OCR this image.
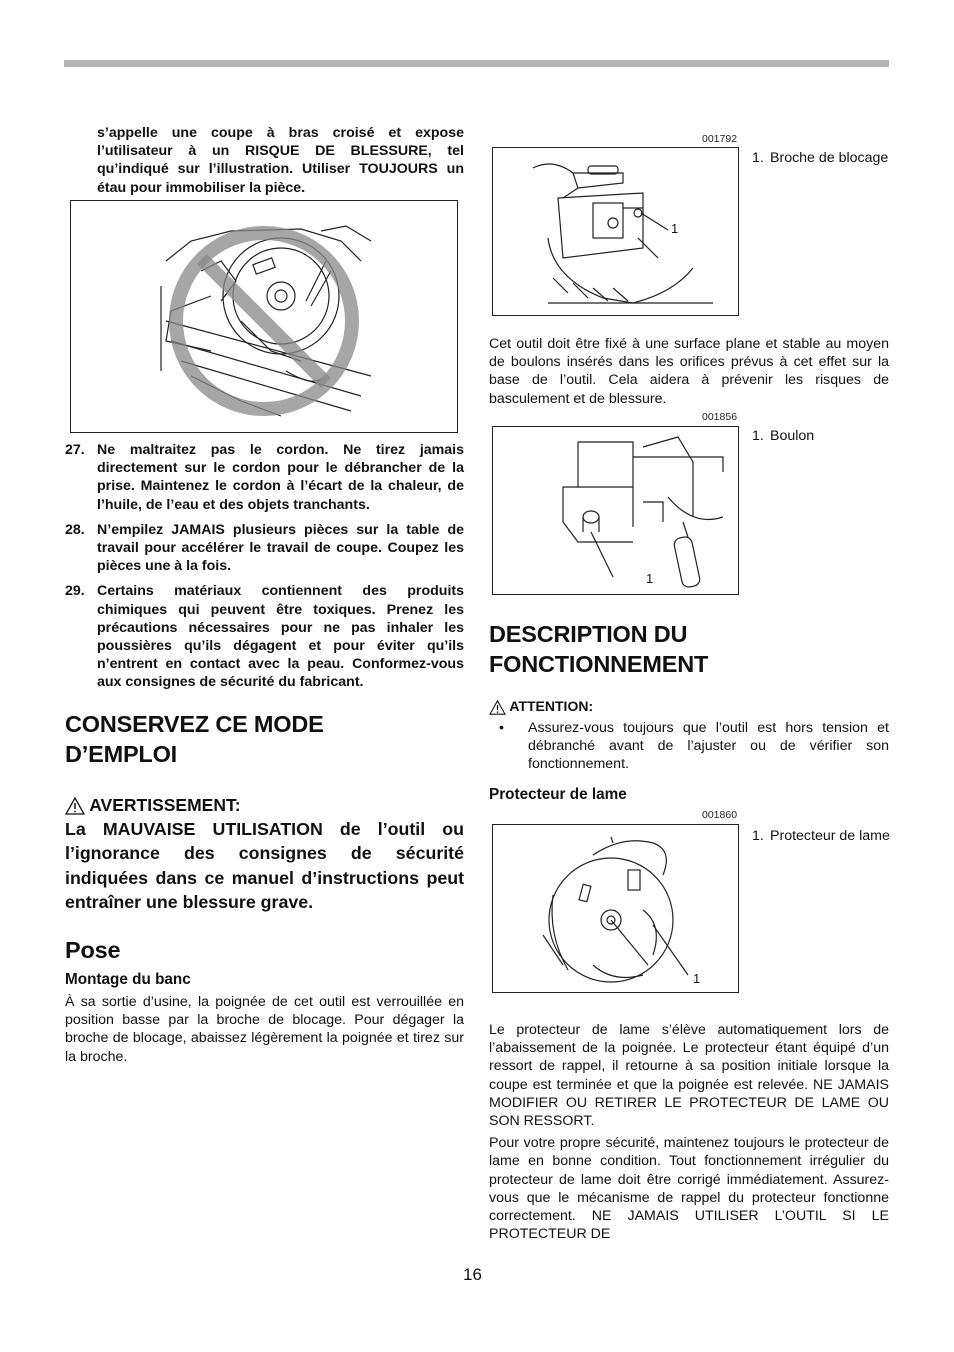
s’appelle une coupe à bras croisé et expose l’utilisateur à un RISQUE DE BLESSURE, tel qu’indiqué sur l’illustration. Utiliser TOUJOURS un étau pour immobiliser la pièce.

27. Ne maltraitez pas le cordon. Ne tirez jamais directement sur le cordon pour le débrancher de la prise. Maintenez le cordon à l’écart de la chaleur, de l’huile, de l’eau et des objets tranchants.
28. N’empilez JAMAIS plusieurs pièces sur la table de travail pour accélérer le travail de coupe. Coupez les pièces une à la fois.
29. Certains matériaux contiennent des produits chimiques qui peuvent être toxiques. Prenez les précautions nécessaires pour ne pas inhaler les poussières qu’ils dégagent et pour éviter qu’ils n’entrent en contact avec la peau. Conformez-vous aux consignes de sécurité du fabricant.

CONSERVEZ CE MODE
D’EMPLOI

AVERTISSEMENT:

La MAUVAISE UTILISATION de l’outil ou l’ignorance des consignes de sécurité indiquées dans ce manuel d’instructions peut entraîner une blessure grave.

Pose

Montage du banc

À sa sortie d’usine, la poignée de cet outil est verrouillée en position basse par la broche de blocage. Pour dégager la broche de blocage, abaissez légèrement la poignée et tirez sur la broche.

001792
1
1. Broche de blocage

Cet outil doit être fixé à une surface plane et stable au moyen de boulons insérés dans les orifices prévus à cet effet sur la base de l’outil. Cela aidera à prévenir les risques de basculement et de blessure.

001856
1
1. Boulon

DESCRIPTION DU
FONCTIONNEMENT

ATTENTION:

• Assurez-vous toujours que l’outil est hors tension et débranché avant de l’ajuster ou de vérifier son fonctionnement.

Protecteur de lame

001860
1
1. Protecteur de lame

Le protecteur de lame s’élève automatiquement lors de l’abaissement de la poignée. Le protecteur étant équipé d’un ressort de rappel, il retourne à sa position initiale lorsque la coupe est terminée et que la poignée est relevée. NE JAMAIS MODIFIER OU RETIRER LE PROTECTEUR DE LAME OU SON RESSORT.

Pour votre propre sécurité, maintenez toujours le protecteur de lame en bonne condition. Tout fonctionnement irrégulier du protecteur de lame doit être corrigé immédiatement. Assurez-vous que le mécanisme de rappel du protecteur fonctionne correctement. NE JAMAIS UTILISER L’OUTIL SI LE PROTECTEUR DE

16
